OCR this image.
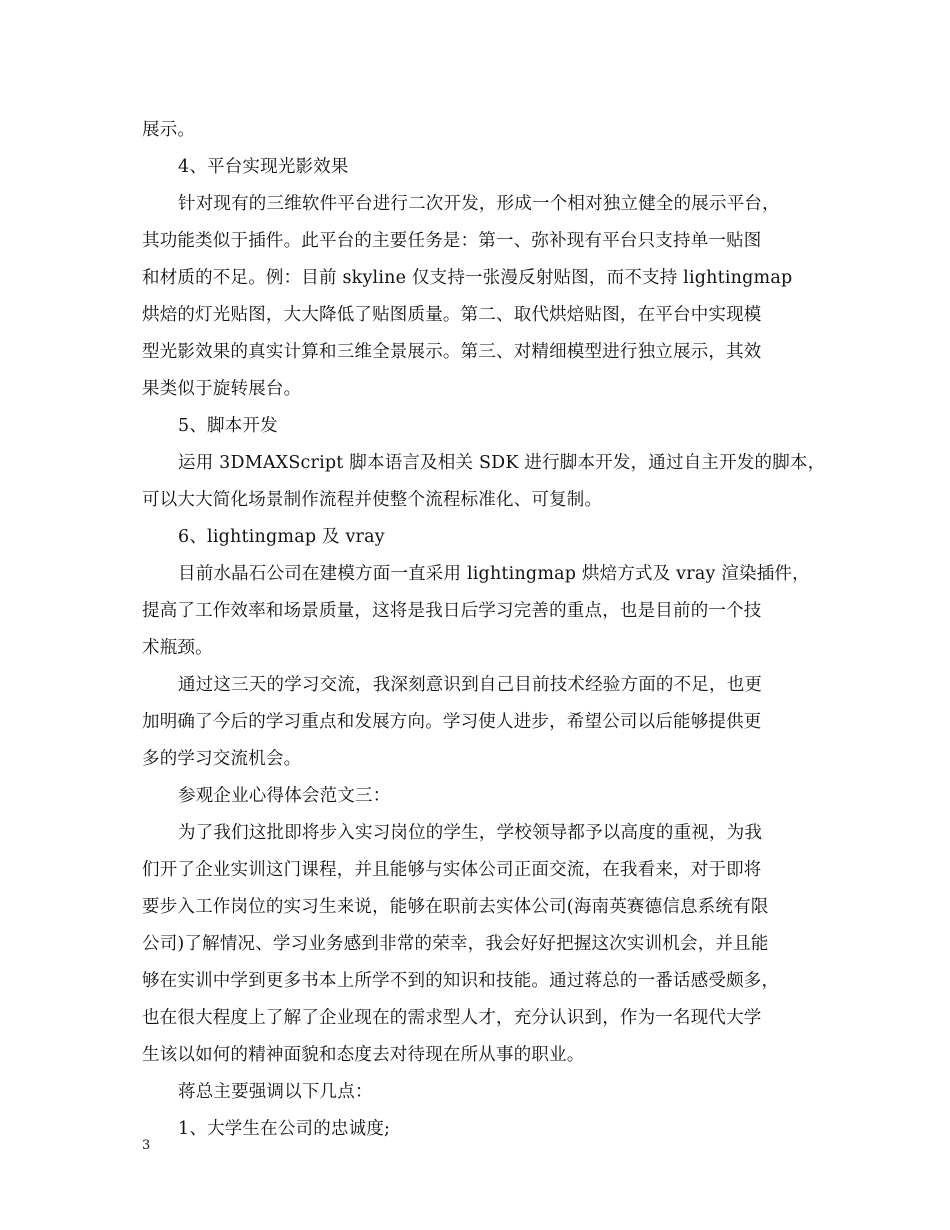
展示。
4、平台实现光影效果
针对现有的三维软件平台进行二次开发，形成一个相对独立健全的展示平台，
其功能类似于插件。此平台的主要任务是：第一、弥补现有平台只支持单一贴图
和材质的不足。例：目前 skyline 仅支持一张漫反射贴图，而不支持 lightingmap
烘焙的灯光贴图，大大降低了贴图质量。第二、取代烘焙贴图，在平台中实现模
型光影效果的真实计算和三维全景展示。第三、对精细模型进行独立展示，其效
果类似于旋转展台。
5、脚本开发
运用 3DMAXScript 脚本语言及相关 SDK 进行脚本开发，通过自主开发的脚本，
可以大大简化场景制作流程并使整个流程标准化、可复制。
6、lightingmap 及 vray
目前水晶石公司在建模方面一直采用 lightingmap 烘焙方式及 vray 渲染插件，
提高了工作效率和场景质量，这将是我日后学习完善的重点，也是目前的一个技
术瓶颈。
通过这三天的学习交流，我深刻意识到自己目前技术经验方面的不足，也更
加明确了今后的学习重点和发展方向。学习使人进步，希望公司以后能够提供更
多的学习交流机会。
参观企业心得体会范文三：
为了我们这批即将步入实习岗位的学生，学校领导都予以高度的重视，为我
们开了企业实训这门课程，并且能够与实体公司正面交流，在我看来，对于即将
要步入工作岗位的实习生来说，能够在职前去实体公司(海南英赛德信息系统有限
公司)了解情况、学习业务感到非常的荣幸，我会好好把握这次实训机会，并且能
够在实训中学到更多书本上所学不到的知识和技能。通过蒋总的一番话感受颇多，
也在很大程度上了解了企业现在的需求型人才，充分认识到，作为一名现代大学
生该以如何的精神面貌和态度去对待现在所从事的职业。
蒋总主要强调以下几点：
1、大学生在公司的忠诚度;
3
